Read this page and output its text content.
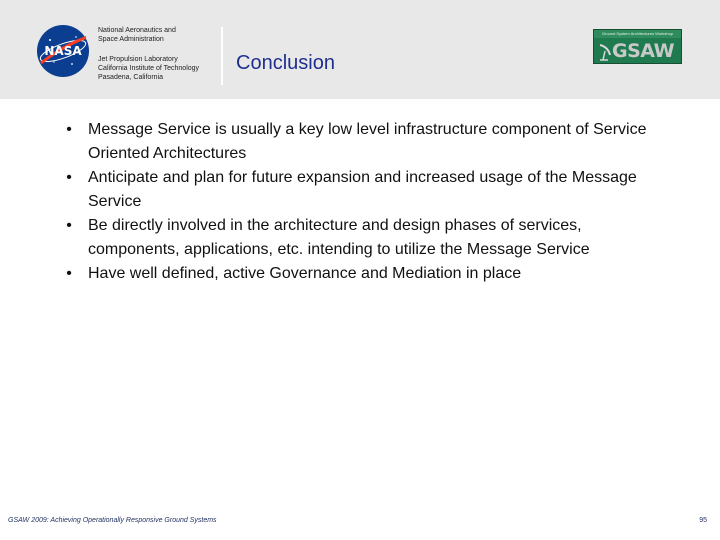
NASA
National Aeronautics and
Space Administration
Jet Propulsion Laboratory
California Institute of Technology
Pasadena, California
Conclusion
Ground System Architectures Workshop
GSAW
• Message Service is usually a key low level infrastructure component of Service Oriented Architectures
• Anticipate and plan for future expansion and increased usage of the Message Service
• Be directly involved in the architecture and design phases of services, components, applications, etc. intending to utilize the Message Service
• Have well defined, active Governance and Mediation in place
GSAW 2009: Achieving Operationally Responsive Ground Systems	95
